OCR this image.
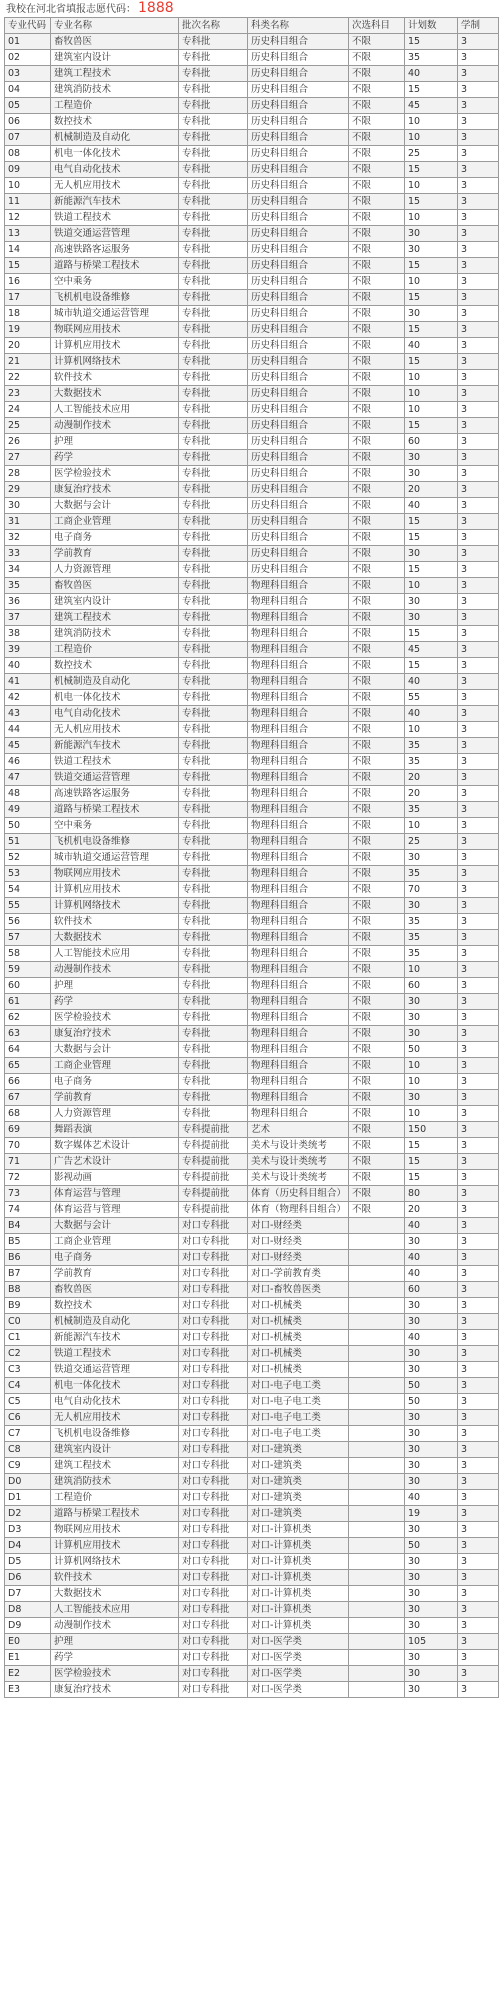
我校在河北省填报志愿代码： 1888
专业代码	专业名称	批次名称	科类名称	次选科目	计划数	学制
01	畜牧兽医	专科批	历史科目组合	不限	15	3
02	建筑室内设计	专科批	历史科目组合	不限	35	3
03	建筑工程技术	专科批	历史科目组合	不限	40	3
04	建筑消防技术	专科批	历史科目组合	不限	15	3
05	工程造价	专科批	历史科目组合	不限	45	3
06	数控技术	专科批	历史科目组合	不限	10	3
07	机械制造及自动化	专科批	历史科目组合	不限	10	3
08	机电一体化技术	专科批	历史科目组合	不限	25	3
09	电气自动化技术	专科批	历史科目组合	不限	15	3
10	无人机应用技术	专科批	历史科目组合	不限	10	3
11	新能源汽车技术	专科批	历史科目组合	不限	15	3
12	铁道工程技术	专科批	历史科目组合	不限	10	3
13	铁道交通运营管理	专科批	历史科目组合	不限	30	3
14	高速铁路客运服务	专科批	历史科目组合	不限	30	3
15	道路与桥梁工程技术	专科批	历史科目组合	不限	15	3
16	空中乘务	专科批	历史科目组合	不限	10	3
17	飞机机电设备维修	专科批	历史科目组合	不限	15	3
18	城市轨道交通运营管理	专科批	历史科目组合	不限	30	3
19	物联网应用技术	专科批	历史科目组合	不限	15	3
20	计算机应用技术	专科批	历史科目组合	不限	40	3
21	计算机网络技术	专科批	历史科目组合	不限	15	3
22	软件技术	专科批	历史科目组合	不限	10	3
23	大数据技术	专科批	历史科目组合	不限	10	3
24	人工智能技术应用	专科批	历史科目组合	不限	10	3
25	动漫制作技术	专科批	历史科目组合	不限	15	3
26	护理	专科批	历史科目组合	不限	60	3
27	药学	专科批	历史科目组合	不限	30	3
28	医学检验技术	专科批	历史科目组合	不限	30	3
29	康复治疗技术	专科批	历史科目组合	不限	20	3
30	大数据与会计	专科批	历史科目组合	不限	40	3
31	工商企业管理	专科批	历史科目组合	不限	15	3
32	电子商务	专科批	历史科目组合	不限	15	3
33	学前教育	专科批	历史科目组合	不限	30	3
34	人力资源管理	专科批	历史科目组合	不限	15	3
35	畜牧兽医	专科批	物理科目组合	不限	10	3
36	建筑室内设计	专科批	物理科目组合	不限	30	3
37	建筑工程技术	专科批	物理科目组合	不限	30	3
38	建筑消防技术	专科批	物理科目组合	不限	15	3
39	工程造价	专科批	物理科目组合	不限	45	3
40	数控技术	专科批	物理科目组合	不限	15	3
41	机械制造及自动化	专科批	物理科目组合	不限	40	3
42	机电一体化技术	专科批	物理科目组合	不限	55	3
43	电气自动化技术	专科批	物理科目组合	不限	40	3
44	无人机应用技术	专科批	物理科目组合	不限	10	3
45	新能源汽车技术	专科批	物理科目组合	不限	35	3
46	铁道工程技术	专科批	物理科目组合	不限	35	3
47	铁道交通运营管理	专科批	物理科目组合	不限	20	3
48	高速铁路客运服务	专科批	物理科目组合	不限	20	3
49	道路与桥梁工程技术	专科批	物理科目组合	不限	35	3
50	空中乘务	专科批	物理科目组合	不限	10	3
51	飞机机电设备维修	专科批	物理科目组合	不限	25	3
52	城市轨道交通运营管理	专科批	物理科目组合	不限	30	3
53	物联网应用技术	专科批	物理科目组合	不限	35	3
54	计算机应用技术	专科批	物理科目组合	不限	70	3
55	计算机网络技术	专科批	物理科目组合	不限	30	3
56	软件技术	专科批	物理科目组合	不限	35	3
57	大数据技术	专科批	物理科目组合	不限	35	3
58	人工智能技术应用	专科批	物理科目组合	不限	35	3
59	动漫制作技术	专科批	物理科目组合	不限	10	3
60	护理	专科批	物理科目组合	不限	60	3
61	药学	专科批	物理科目组合	不限	30	3
62	医学检验技术	专科批	物理科目组合	不限	30	3
63	康复治疗技术	专科批	物理科目组合	不限	30	3
64	大数据与会计	专科批	物理科目组合	不限	50	3
65	工商企业管理	专科批	物理科目组合	不限	10	3
66	电子商务	专科批	物理科目组合	不限	10	3
67	学前教育	专科批	物理科目组合	不限	30	3
68	人力资源管理	专科批	物理科目组合	不限	10	3
69	舞蹈表演	专科提前批	艺术	不限	150	3
70	数字媒体艺术设计	专科提前批	美术与设计类统考	不限	15	3
71	广告艺术设计	专科提前批	美术与设计类统考	不限	15	3
72	影视动画	专科提前批	美术与设计类统考	不限	15	3
73	体育运营与管理	专科提前批	体育（历史科目组合）	不限	80	3
74	体育运营与管理	专科提前批	体育（物理科目组合）	不限	20	3
B4	大数据与会计	对口专科批	对口-财经类		40	3
B5	工商企业管理	对口专科批	对口-财经类		30	3
B6	电子商务	对口专科批	对口-财经类		40	3
B7	学前教育	对口专科批	对口-学前教育类		40	3
B8	畜牧兽医	对口专科批	对口-畜牧兽医类		60	3
B9	数控技术	对口专科批	对口-机械类		30	3
C0	机械制造及自动化	对口专科批	对口-机械类		30	3
C1	新能源汽车技术	对口专科批	对口-机械类		40	3
C2	铁道工程技术	对口专科批	对口-机械类		30	3
C3	铁道交通运营管理	对口专科批	对口-机械类		30	3
C4	机电一体化技术	对口专科批	对口-电子电工类		50	3
C5	电气自动化技术	对口专科批	对口-电子电工类		50	3
C6	无人机应用技术	对口专科批	对口-电子电工类		30	3
C7	飞机机电设备维修	对口专科批	对口-电子电工类		30	3
C8	建筑室内设计	对口专科批	对口-建筑类		30	3
C9	建筑工程技术	对口专科批	对口-建筑类		30	3
D0	建筑消防技术	对口专科批	对口-建筑类		30	3
D1	工程造价	对口专科批	对口-建筑类		40	3
D2	道路与桥梁工程技术	对口专科批	对口-建筑类		19	3
D3	物联网应用技术	对口专科批	对口-计算机类		30	3
D4	计算机应用技术	对口专科批	对口-计算机类		50	3
D5	计算机网络技术	对口专科批	对口-计算机类		30	3
D6	软件技术	对口专科批	对口-计算机类		30	3
D7	大数据技术	对口专科批	对口-计算机类		30	3
D8	人工智能技术应用	对口专科批	对口-计算机类		30	3
D9	动漫制作技术	对口专科批	对口-计算机类		30	3
E0	护理	对口专科批	对口-医学类		105	3
E1	药学	对口专科批	对口-医学类		30	3
E2	医学检验技术	对口专科批	对口-医学类		30	3
E3	康复治疗技术	对口专科批	对口-医学类		30	3
